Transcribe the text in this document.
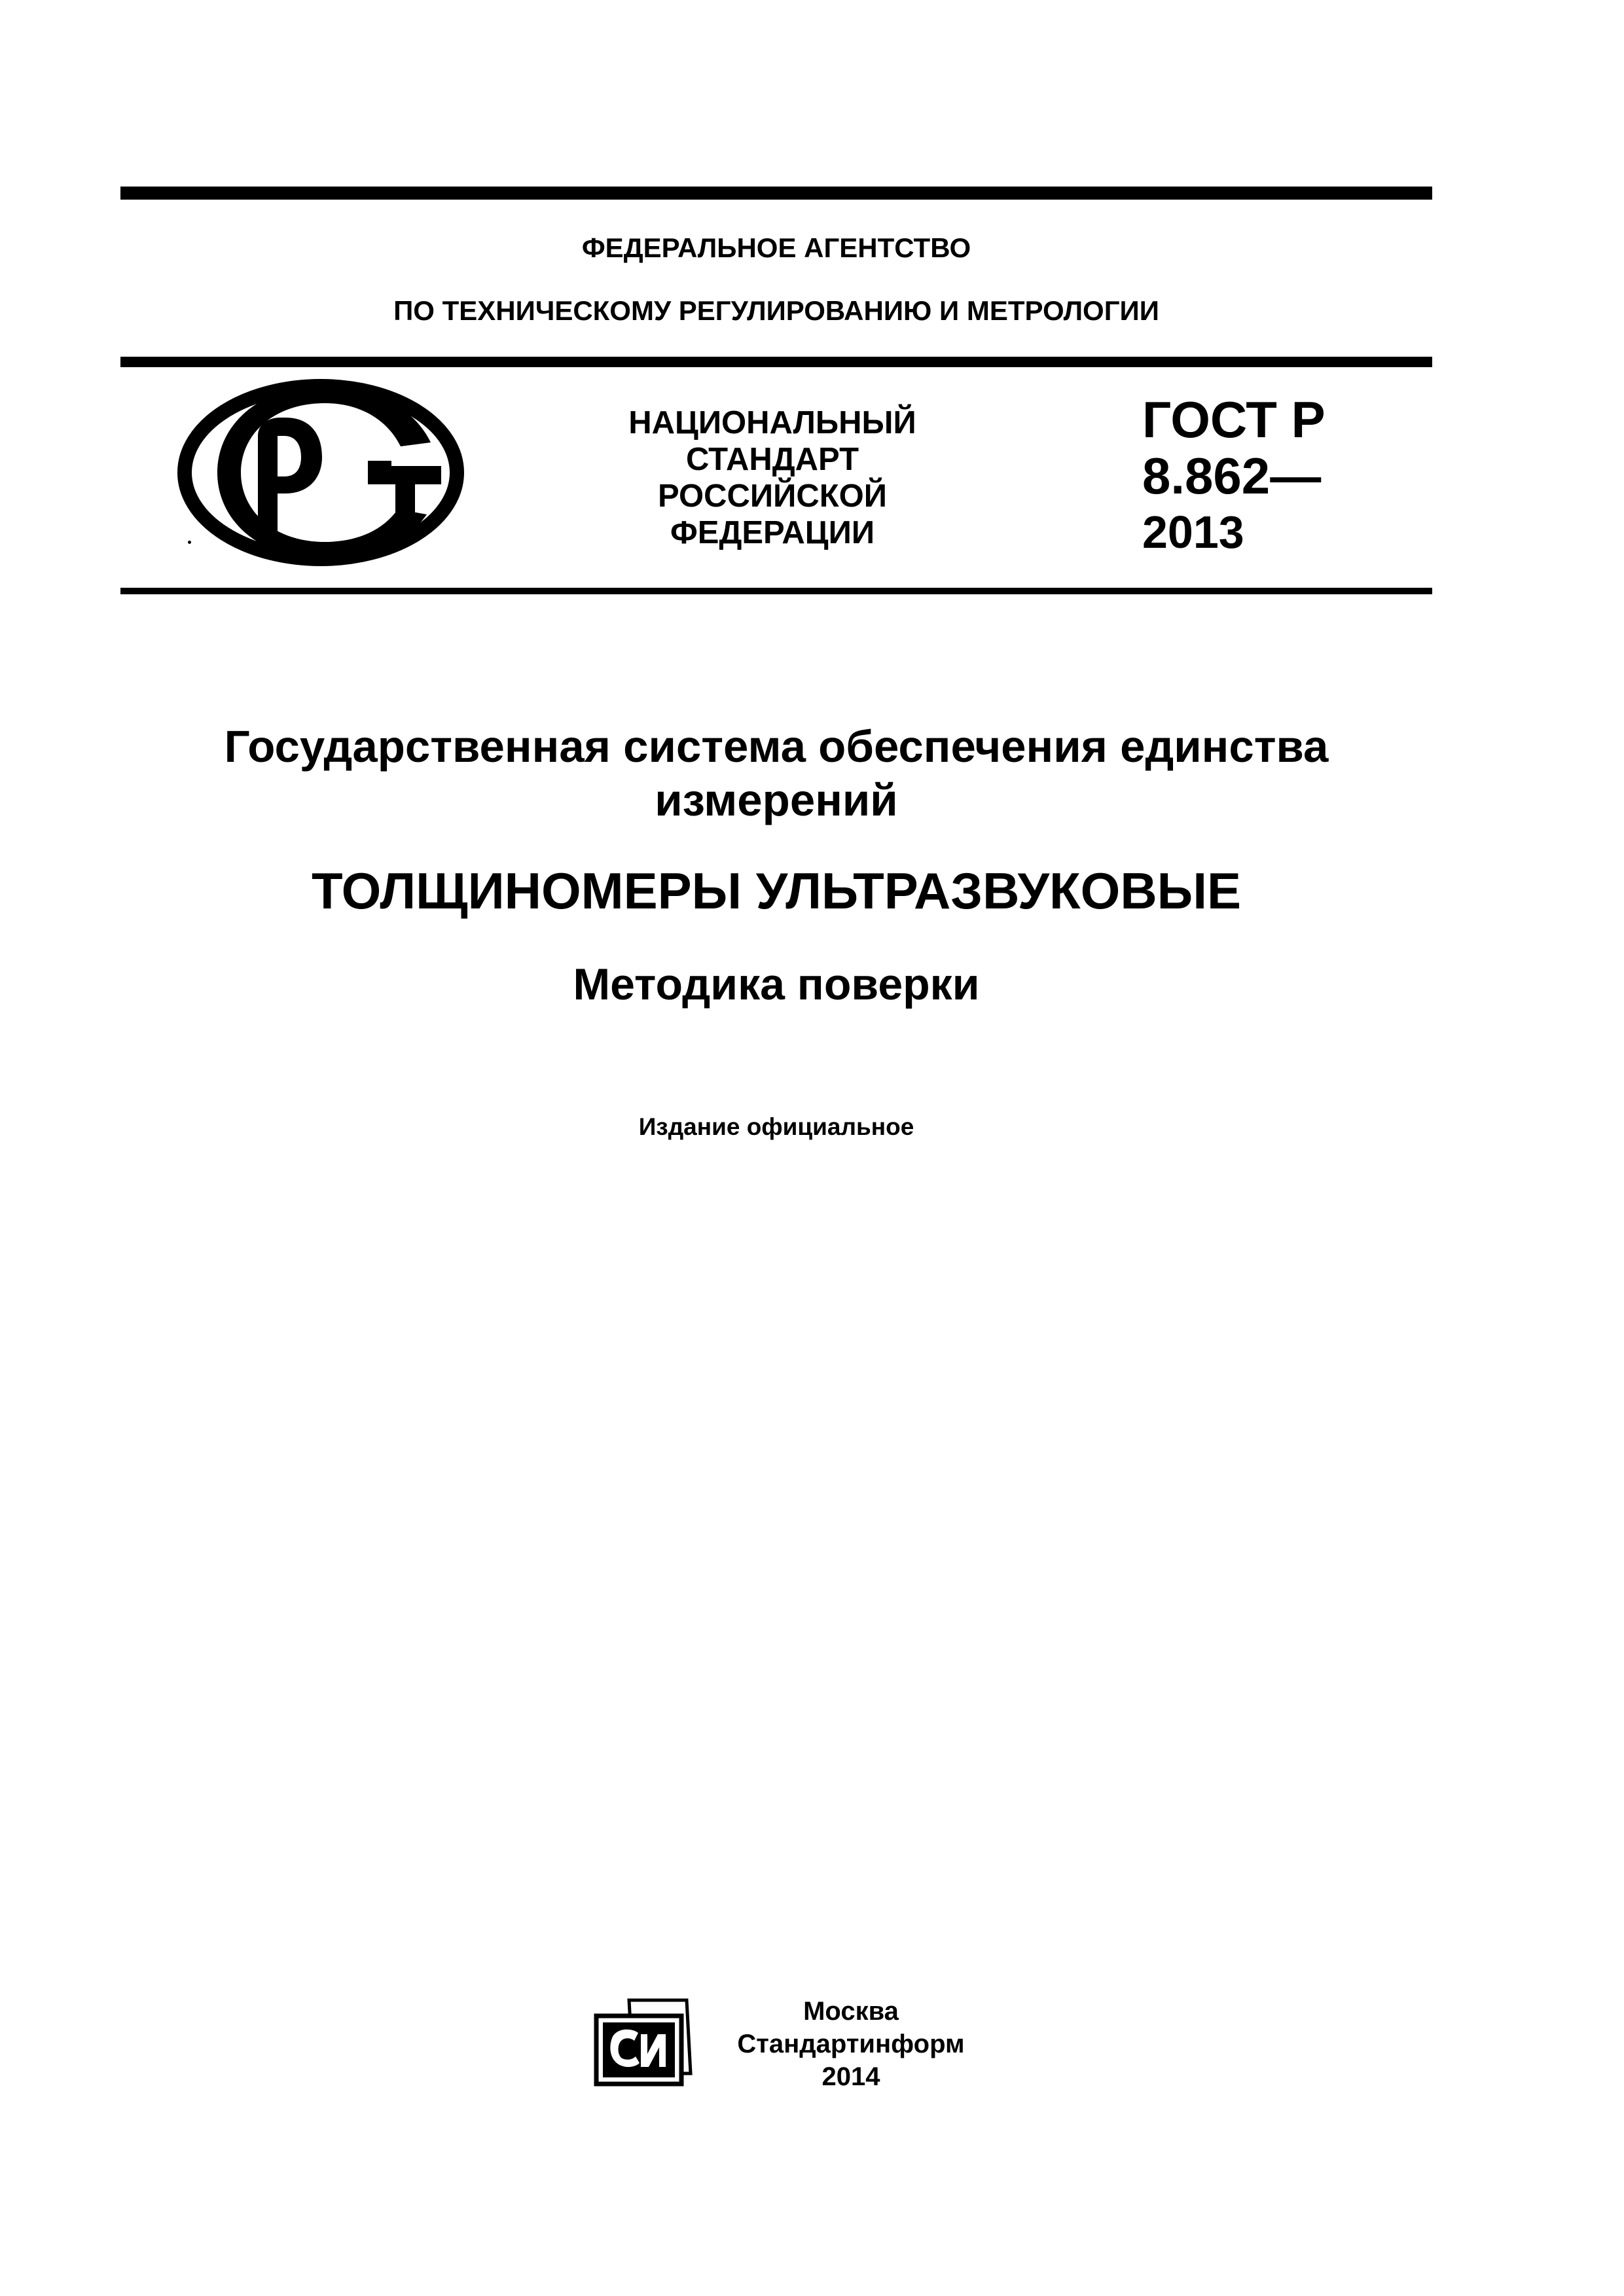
ФЕДЕРАЛЬНОЕ АГЕНТСТВО
ПО ТЕХНИЧЕСКОМУ РЕГУЛИРОВАНИЮ И МЕТРОЛОГИИ
НАЦИОНАЛЬНЫЙ
СТАНДАРТ
РОССИЙСКОЙ
ФЕДЕРАЦИИ
ГОСТ Р
8.862—
2013
Государственная система обеспечения единства
измерений
ТОЛЩИНОМЕРЫ УЛЬТРАЗВУКОВЫЕ
Методика поверки
Издание официальное
Москва
Стандартинформ
2014
